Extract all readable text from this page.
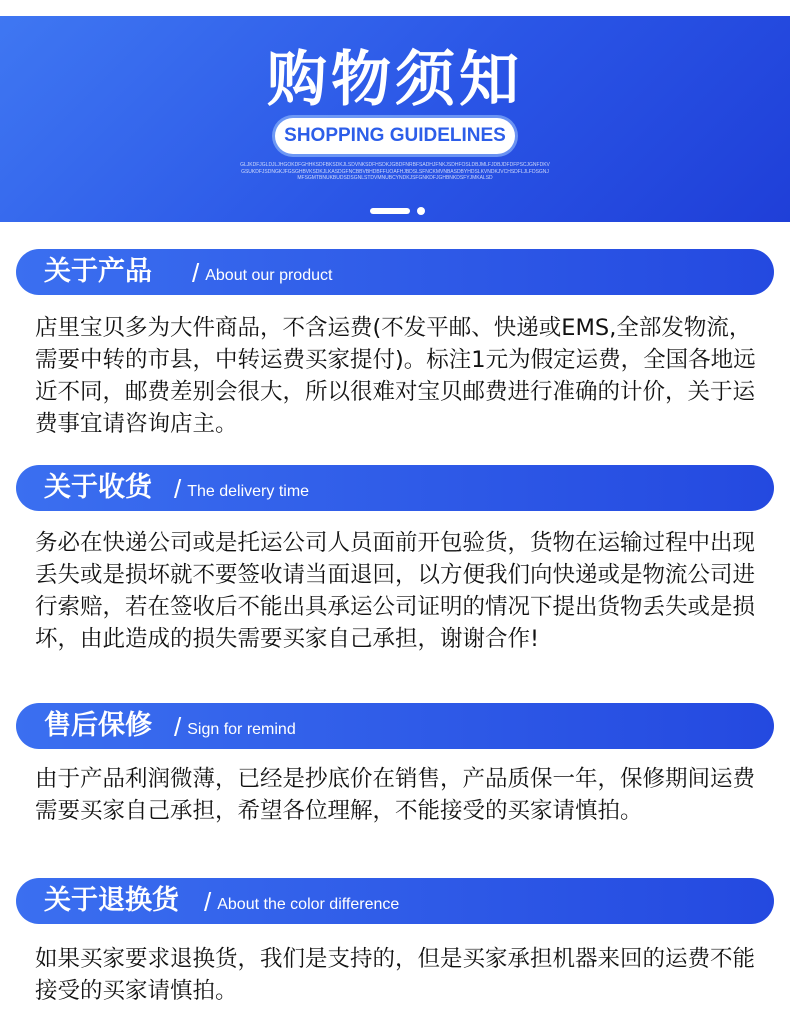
购物须知
SHOPPING GUIDELINES
GLJKDFJGLDJLJHGOKDFGHHKSDFBKSDKJLSDVNKSDFHSDKJGBDFNRBFSADHJFNKJSDHFOSLDBJMLFJDBJDFDFPSCJGNFDKVGSUKDFJSDNGKJFGSGHBVKSDKJLKASDGFNCBBVBHDBFFUOAFHJBDSLSFNCKMVNBASDBYHDSLKVNDKJVCHSDFLJLFDSGNJMFSGMTBNUKBUDSDSGNLSTDVMNUBCYNDKJSFGNKDFJGHBNKDSFYJMKALSD
关于产品 / About our product
店里宝贝多为大件商品，不含运费(不发平邮、快递或EMS,全部发物流，需要中转的市县，中转运费买家提付)。标注1元为假定运费，全国各地远近不同，邮费差别会很大，所以很难对宝贝邮费进行准确的计价，关于运费事宜请咨询店主。
关于收货 / The delivery time
务必在快递公司或是托运公司人员面前开包验货，货物在运输过程中出现丢失或是损坏就不要签收请当面退回，以方便我们向快递或是物流公司进行索赔，若在签收后不能出具承运公司证明的情况下提出货物丢失或是损坏，由此造成的损失需要买家自己承担，谢谢合作!
售后保修 / Sign for remind
由于产品利润微薄，已经是抄底价在销售，产品质保一年，保修期间运费需要买家自己承担，希望各位理解，不能接受的买家请慎拍。
关于退换货 / About the color difference
如果买家要求退换货，我们是支持的，但是买家承担机器来回的运费不能接受的买家请慎拍。
